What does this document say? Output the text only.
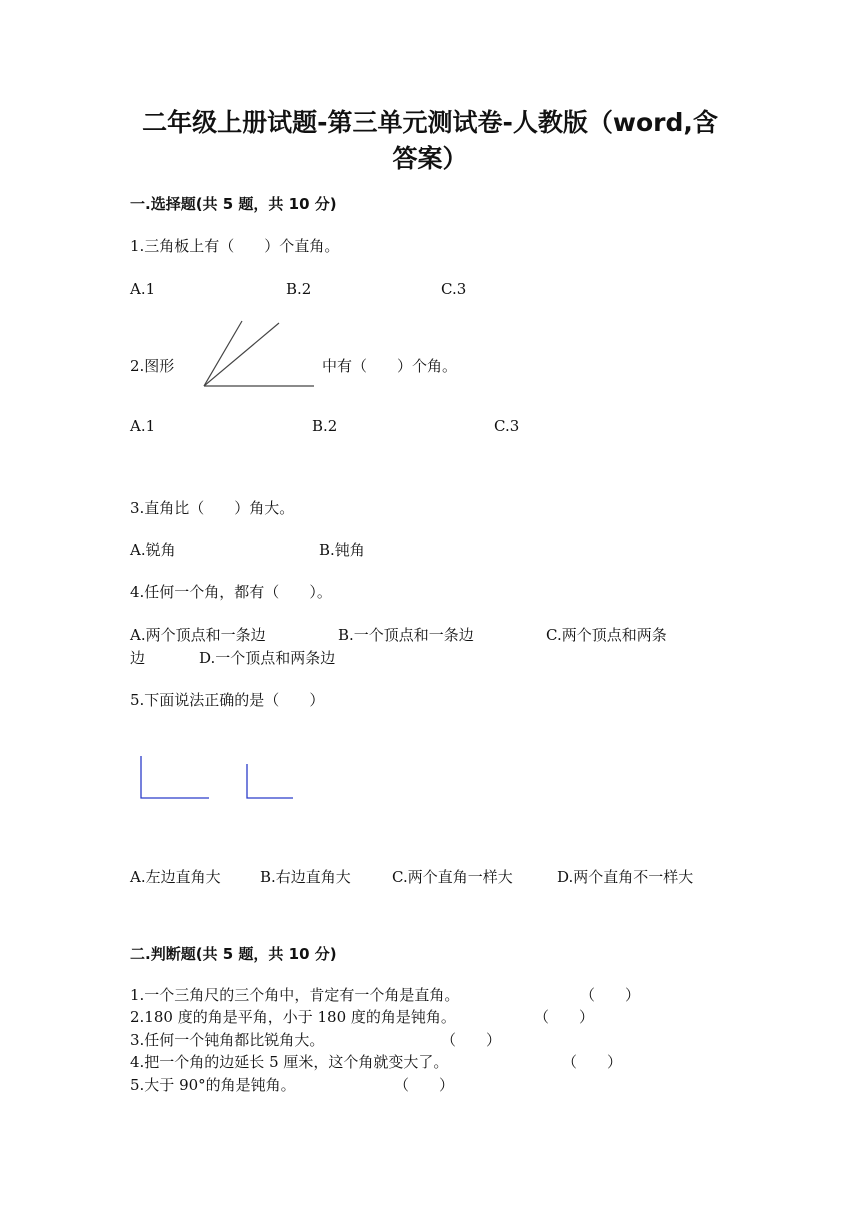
二年级上册试题-第三单元测试卷-人教版（word,含
答案）
一.选择题(共 5 题，共 10 分)
1.三角板上有（　　）个直角。
A.1	B.2	C.3
2.图形	中有（　　）个角。
A.1	B.2	C.3
3.直角比（　　）角大。
A.锐角	B.钝角
4.任何一个角，都有（　　）。
A.两个顶点和一条边	B.一个顶点和一条边	C.两个顶点和两条
边	D.一个顶点和两条边
5.下面说法正确的是（　　）
A.左边直角大	B.右边直角大	C.两个直角一样大	D.两个直角不一样大
二.判断题(共 5 题，共 10 分)
1.一个三角尺的三个角中，肯定有一个角是直角。	（　　）
2.180 度的角是平角，小于 180 度的角是钝角。	（　　）
3.任何一个钝角都比锐角大。	（　　）
4.把一个角的边延长 5 厘米，这个角就变大了。	（　　）
5.大于 90°的角是钝角。	（　　）
